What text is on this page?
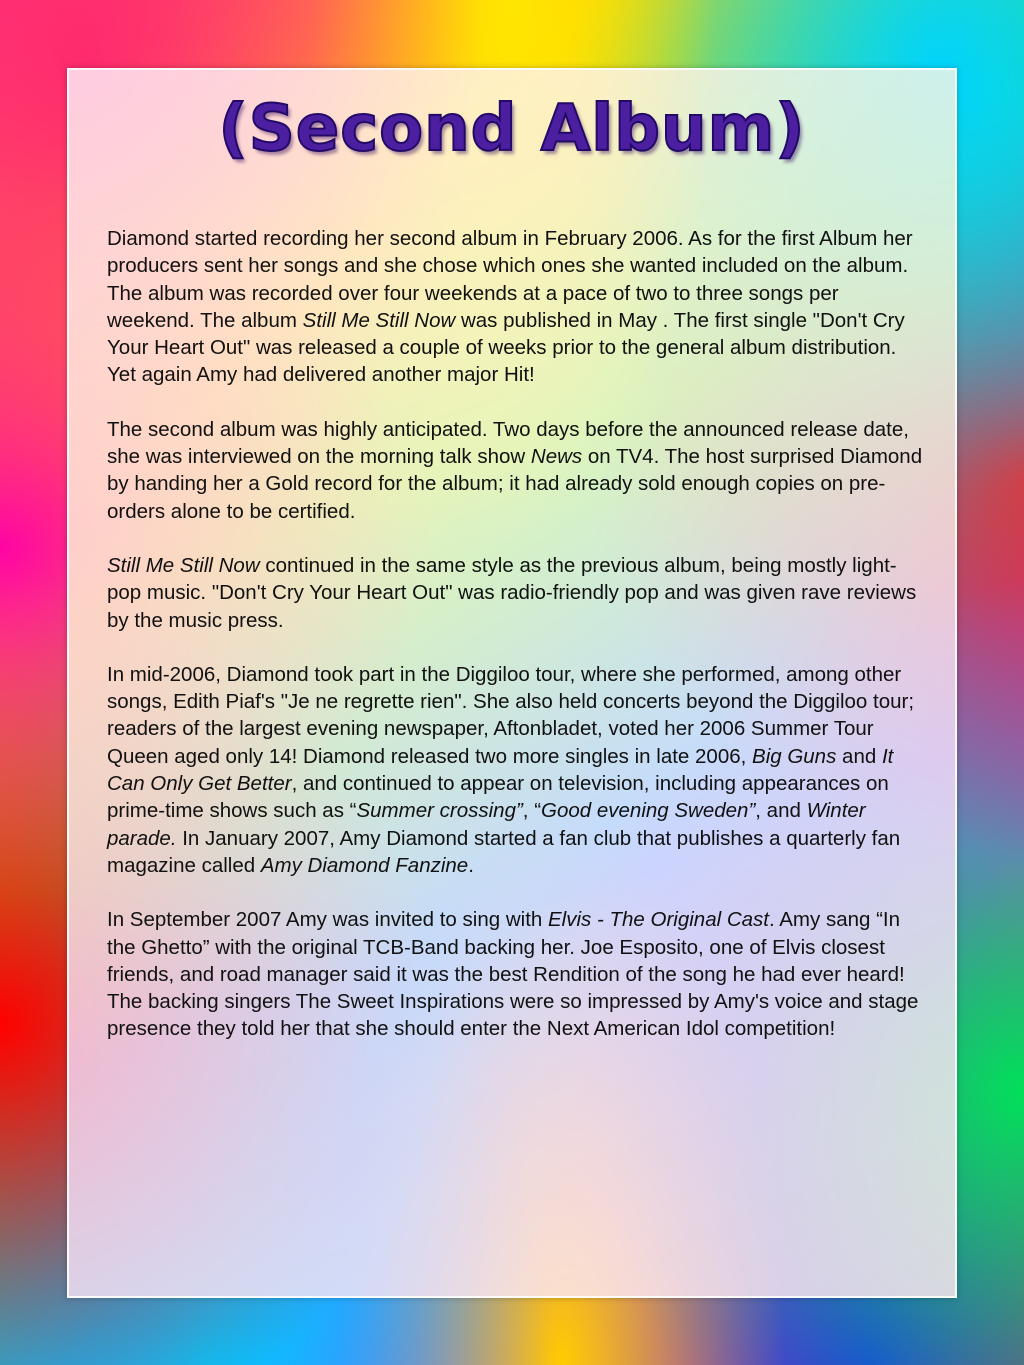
(Second Album)

Diamond started recording her second album in February 2006. As for the first Album her producers sent her songs and she chose which ones she wanted included on the album. The album was recorded over four weekends at a pace of two to three songs per weekend. The album Still Me Still Now was published in May . The first single "Don't Cry Your Heart Out" was released a couple of weeks prior to the general album distribution. Yet again Amy had delivered another major Hit!

The second album was highly anticipated. Two days before the announced release date, she was interviewed on the morning talk show News on TV4. The host surprised Diamond by handing her a Gold record for the album; it had already sold enough copies on pre-orders alone to be certified.

Still Me Still Now continued in the same style as the previous album, being mostly light-pop music. "Don't Cry Your Heart Out" was radio-friendly pop and was given rave reviews by the music press.

In mid-2006, Diamond took part in the Diggiloo tour, where she performed, among other songs, Edith Piaf's "Je ne regrette rien". She also held concerts beyond the Diggiloo tour; readers of the largest evening newspaper, Aftonbladet, voted her 2006 Summer Tour Queen aged only 14! Diamond released two more singles in late 2006, Big Guns and It Can Only Get Better, and continued to appear on television, including appearances on prime-time shows such as “Summer crossing”, “Good evening Sweden”, and Winter parade. In January 2007, Amy Diamond started a fan club that publishes a quarterly fan magazine called Amy Diamond Fanzine.

In September 2007 Amy was invited to sing with Elvis - The Original Cast. Amy sang “In the Ghetto” with the original TCB-Band backing her. Joe Esposito, one of Elvis closest friends, and road manager said it was the best Rendition of the song he had ever heard! The backing singers The Sweet Inspirations were so impressed by Amy's voice and stage presence they told her that she should enter the Next American Idol competition!
